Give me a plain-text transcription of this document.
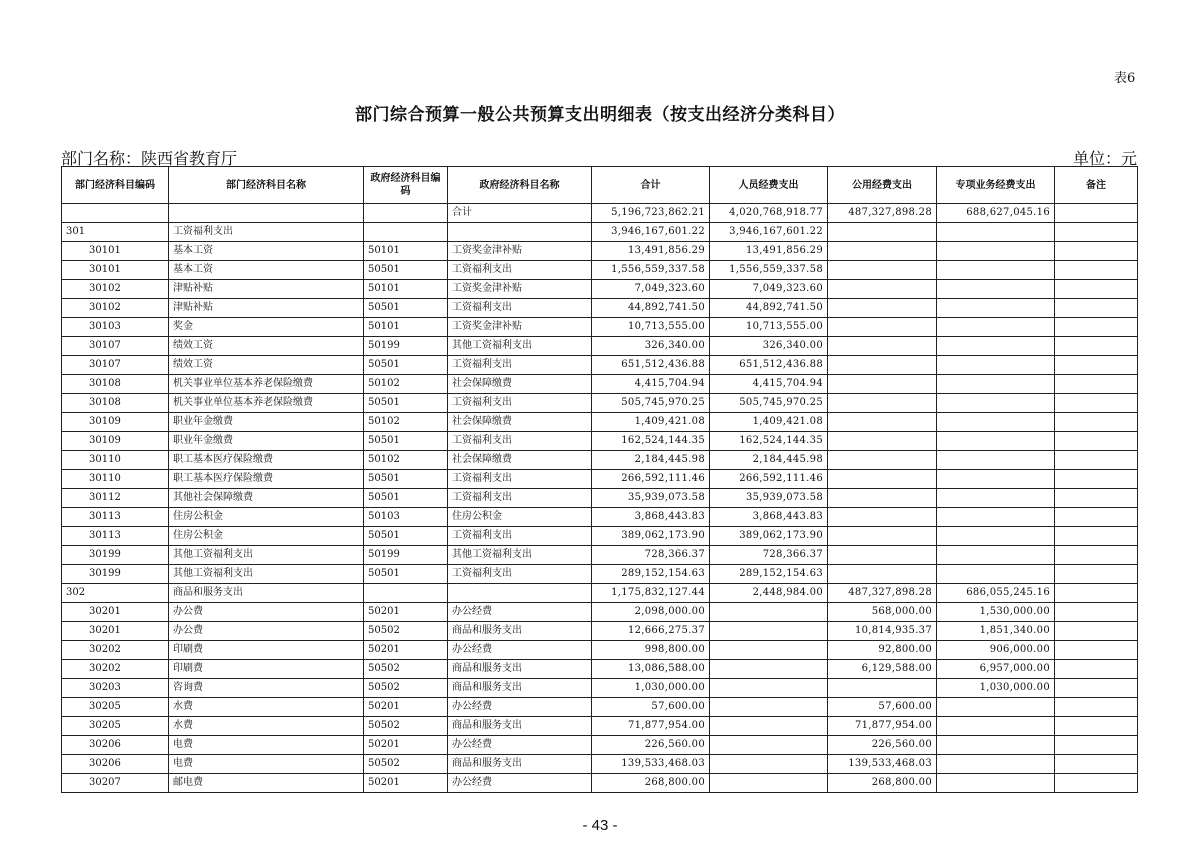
表6
部门综合预算一般公共预算支出明细表（按支出经济分类科目）
部门名称：陕西省教育厅	单位：元
部门经济科目编码	部门经济科目名称	政府经济科目编码	政府经济科目名称	合计	人员经费支出	公用经费支出	专项业务经费支出	备注
			合计	5,196,723,862.21	4,020,768,918.77	487,327,898.28	688,627,045.16	
301	工资福利支出			3,946,167,601.22	3,946,167,601.22			
30101	基本工资	50101	工资奖金津补贴	13,491,856.29	13,491,856.29			
30101	基本工资	50501	工资福利支出	1,556,559,337.58	1,556,559,337.58			
30102	津贴补贴	50101	工资奖金津补贴	7,049,323.60	7,049,323.60			
30102	津贴补贴	50501	工资福利支出	44,892,741.50	44,892,741.50			
30103	奖金	50101	工资奖金津补贴	10,713,555.00	10,713,555.00			
30107	绩效工资	50199	其他工资福利支出	326,340.00	326,340.00			
30107	绩效工资	50501	工资福利支出	651,512,436.88	651,512,436.88			
30108	机关事业单位基本养老保险缴费	50102	社会保障缴费	4,415,704.94	4,415,704.94			
30108	机关事业单位基本养老保险缴费	50501	工资福利支出	505,745,970.25	505,745,970.25			
30109	职业年金缴费	50102	社会保障缴费	1,409,421.08	1,409,421.08			
30109	职业年金缴费	50501	工资福利支出	162,524,144.35	162,524,144.35			
30110	职工基本医疗保险缴费	50102	社会保障缴费	2,184,445.98	2,184,445.98			
30110	职工基本医疗保险缴费	50501	工资福利支出	266,592,111.46	266,592,111.46			
30112	其他社会保障缴费	50501	工资福利支出	35,939,073.58	35,939,073.58			
30113	住房公积金	50103	住房公积金	3,868,443.83	3,868,443.83			
30113	住房公积金	50501	工资福利支出	389,062,173.90	389,062,173.90			
30199	其他工资福利支出	50199	其他工资福利支出	728,366.37	728,366.37			
30199	其他工资福利支出	50501	工资福利支出	289,152,154.63	289,152,154.63			
302	商品和服务支出			1,175,832,127.44	2,448,984.00	487,327,898.28	686,055,245.16	
30201	办公费	50201	办公经费	2,098,000.00		568,000.00	1,530,000.00	
30201	办公费	50502	商品和服务支出	12,666,275.37		10,814,935.37	1,851,340.00	
30202	印刷费	50201	办公经费	998,800.00		92,800.00	906,000.00	
30202	印刷费	50502	商品和服务支出	13,086,588.00		6,129,588.00	6,957,000.00	
30203	咨询费	50502	商品和服务支出	1,030,000.00			1,030,000.00	
30205	水费	50201	办公经费	57,600.00		57,600.00		
30205	水费	50502	商品和服务支出	71,877,954.00		71,877,954.00		
30206	电费	50201	办公经费	226,560.00		226,560.00		
30206	电费	50502	商品和服务支出	139,533,468.03		139,533,468.03		
30207	邮电费	50201	办公经费	268,800.00		268,800.00		
- 43 -
